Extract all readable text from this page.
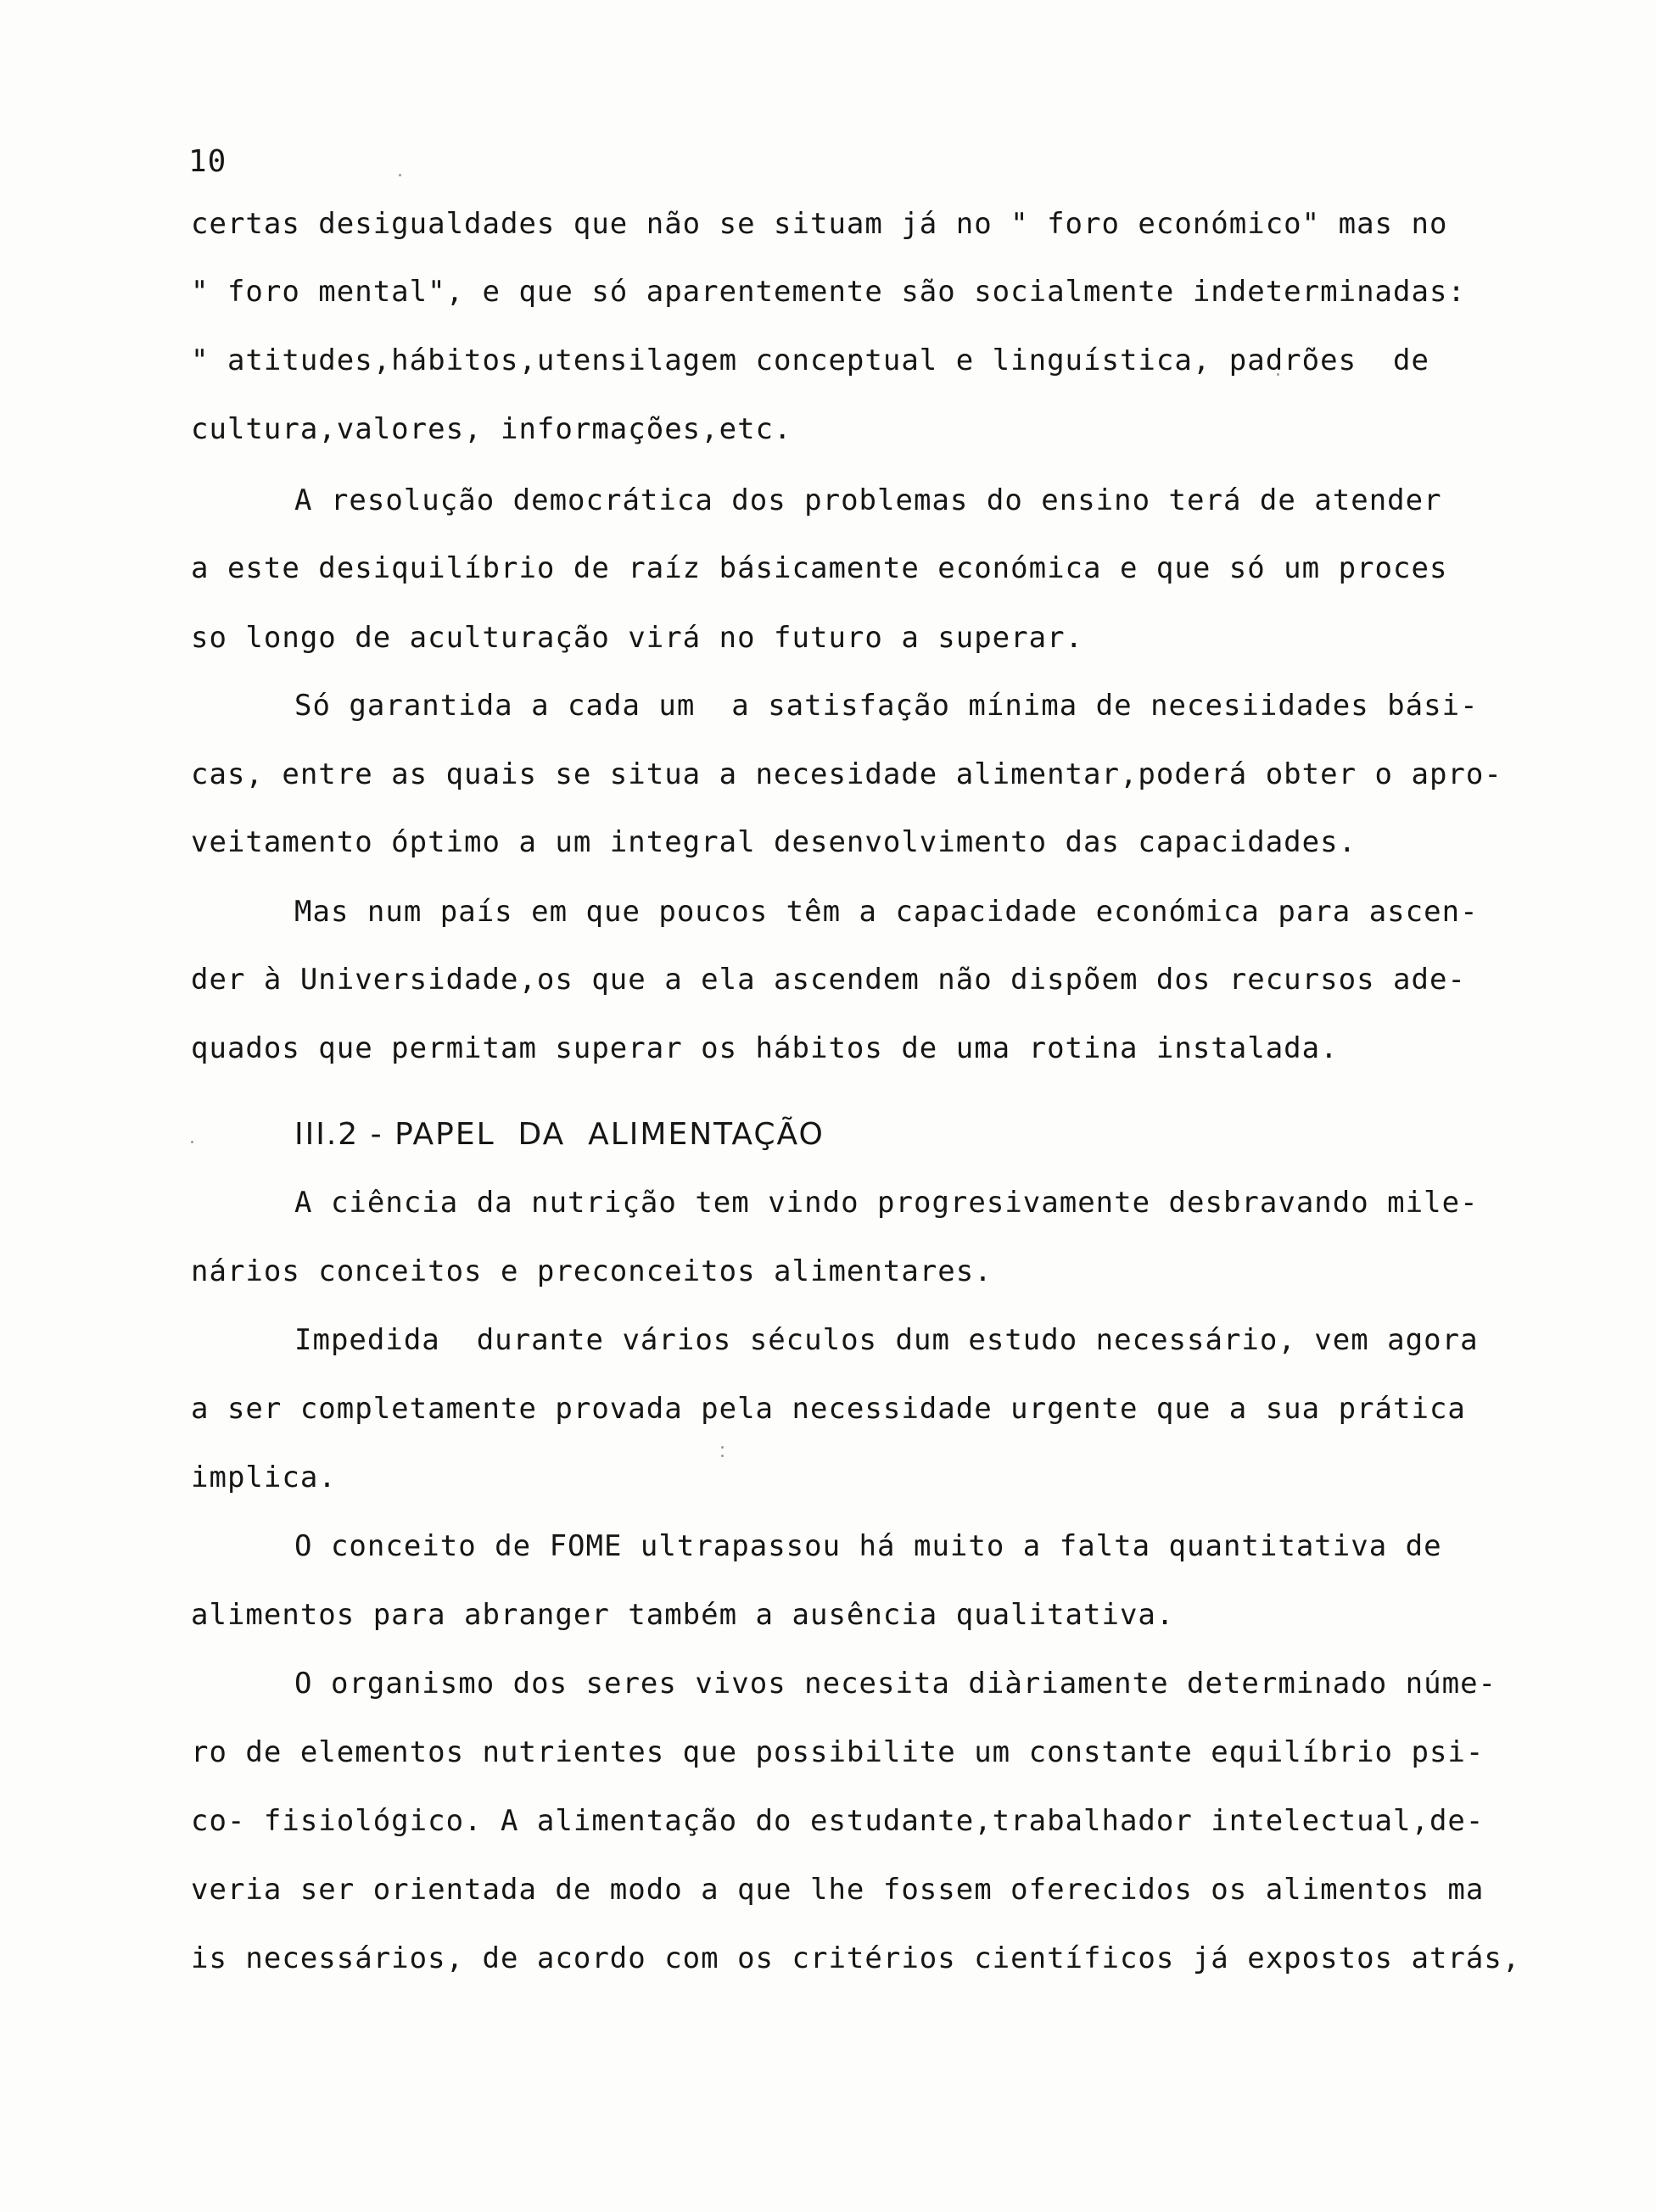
10
certas desigualdades que não se situam já no " foro económico" mas no
" foro mental", e que só aparentemente são socialmente indeterminadas:
" atitudes,hábitos,utensilagem conceptual e linguística, padrões  de
cultura,valores, informações,etc.
A resolução democrática dos problemas do ensino terá de atender
a este desiquilíbrio de raíz básicamente económica e que só um proces
so longo de aculturação virá no futuro a superar.
Só garantida a cada um  a satisfação mínima de necesiidades bási-
cas, entre as quais se situa a necesidade alimentar,poderá obter o apro-
veitamento óptimo a um integral desenvolvimento das capacidades.
Mas num país em que poucos têm a capacidade económica para ascen-
der à Universidade,os que a ela ascendem não dispõem dos recursos ade-
quados que permitam superar os hábitos de uma rotina instalada.
III.2 - PAPEL  DA  ALIMENTAÇÃO
A ciência da nutrição tem vindo progresivamente desbravando mile-
nários conceitos e preconceitos alimentares.
Impedida  durante vários séculos dum estudo necessário, vem agora
a ser completamente provada pela necessidade urgente que a sua prática
implica.
O conceito de FOME ultrapassou há muito a falta quantitativa de
alimentos para abranger também a ausência qualitativa.
O organismo dos seres vivos necesita diàriamente determinado núme-
ro de elementos nutrientes que possibilite um constante equilíbrio psi-
co- fisiológico. A alimentação do estudante,trabalhador intelectual,de-
veria ser orientada de modo a que lhe fossem oferecidos os alimentos ma
is necessários, de acordo com os critérios científicos já expostos atrás,
